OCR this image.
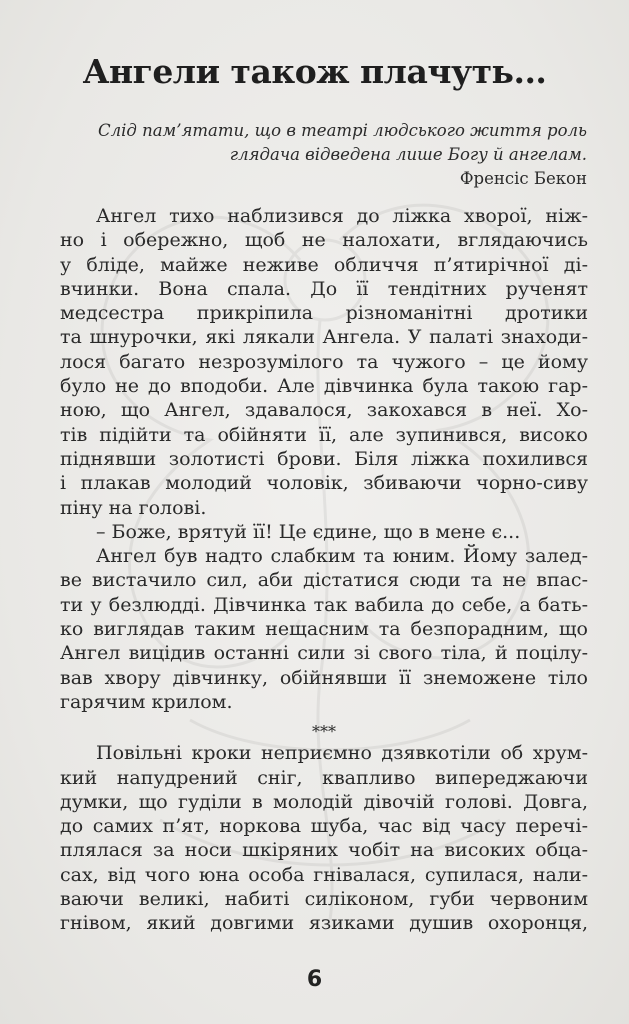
Ангели також плачуть...
Слід пам’ятати, що в театрі людського життя роль
глядача відведена лише Богу й ангелам.
Френсіс Бекон
Ангел тихо наблизився до ліжка хворої, ніж-
но і обережно, щоб не налохати, вглядаючись
у бліде, майже неживе обличчя п’ятирічної ді-
вчинки. Вона спала. До її тендітних рученят
медсестра прикріпила різноманітні дротики
та шнурочки, які лякали Ангела. У палаті знаходи-
лося багато незрозумілого та чужого – це йому
було не до вподоби. Але дівчинка була такою гар-
ною, що Ангел, здавалося, закохався в неї. Хо-
тів підійти та обійняти її, але зупинився, високо
піднявши золотисті брови. Біля ліжка похилився
і плакав молодий чоловік, збиваючи чорно-сиву
піну на голові.
– Боже, врятуй її! Це єдине, що в мене є...
Ангел був надто слабким та юним. Йому залед-
ве вистачило сил, аби дістатися сюди та не впас-
ти у безлюдді. Дівчинка так вабила до себе, а бать-
ко виглядав таким нещасним та безпорадним, що
Ангел вицідив останні сили зі свого тіла, й поцілу-
вав хвору дівчинку, обійнявши її знеможене тіло
гарячим крилом.
***
Повільні кроки неприємно дзявкотіли об хрум-
кий напудрений сніг, квапливо випереджаючи
думки, що гуділи в молодій дівочій голові. Довга,
до самих п’ят, норкова шуба, час від часу перечі-
плялася за носи шкіряних чобіт на високих обца-
сах, від чого юна особа гнівалася, супилася, нали-
ваючи великі, набиті силіконом, губи червоним
гнівом, який довгими язиками душив охоронця,
6
